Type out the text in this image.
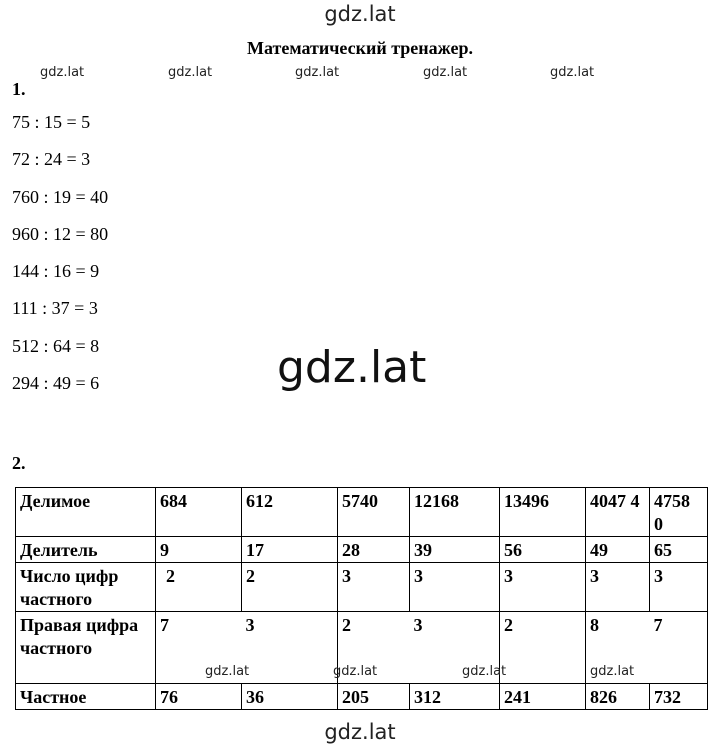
gdz.lat
Математический тренажер.
gdz.lat	gdz.lat	gdz.lat	gdz.lat	gdz.lat
1.
75 : 15 = 5
72 : 24 = 3
760 : 19 = 40
960 : 12 = 80
144 : 16 = 9
111 : 37 = 3
512 : 64 = 8
294 : 49 = 6	gdz.lat
2.
Делимое	684	612	5740	12168	13496	4047 4	4758 0
Делитель	9	17	28	39	56	49	65
Число цифр частного	2	2	3	3	3	3	3
Правая цифра частного	7	3	2	3	2	8	7
Частное	76	36	205	312	241	826	732
gdz.lat	gdz.lat	gdz.lat	gdz.lat
gdz.lat
